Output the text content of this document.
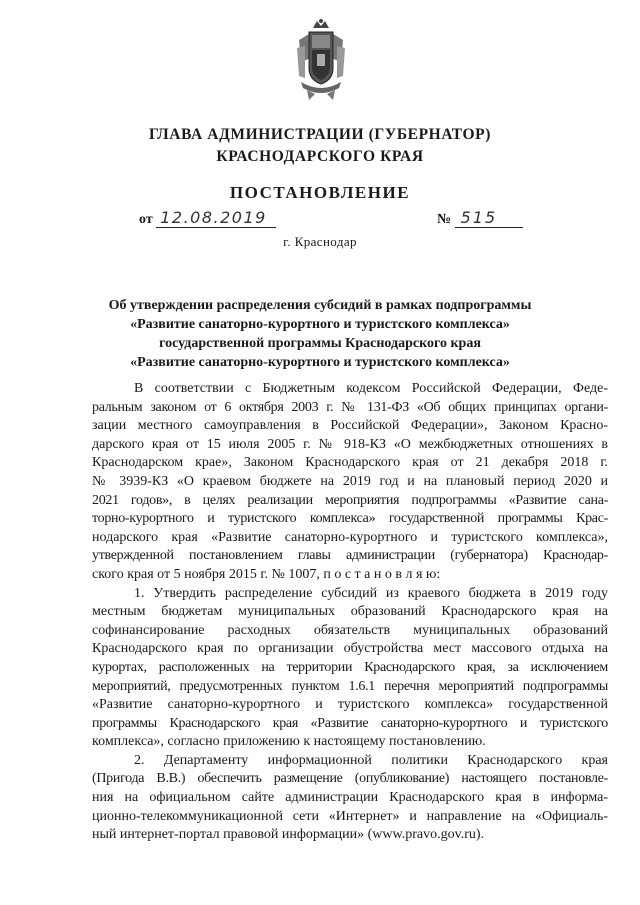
ГЛАВА АДМИНИСТРАЦИИ (ГУБЕРНАТОР)
КРАСНОДАРСКОГО КРАЯ
ПОСТАНОВЛЕНИЕ
от 12.08.2019	№ 515
г. Краснодар
Об утверждении распределения субсидий в рамках подпрограммы
«Развитие санаторно-курортного и туристского комплекса»
государственной программы Краснодарского края
«Развитие санаторно-курортного и туристского комплекса»
В соответствии с Бюджетным кодексом Российской Федерации, Феде-
ральным законом от 6 октября 2003 г. № 131-ФЗ «Об общих принципах органи-
зации местного самоуправления в Российской Федерации», Законом Красно-
дарского края от 15 июля 2005 г. № 918-КЗ «О межбюджетных отношениях в
Краснодарском крае», Законом Краснодарского края от 21 декабря 2018 г.
№ 3939-КЗ «О краевом бюджете на 2019 год и на плановый период 2020 и
2021 годов», в целях реализации мероприятия подпрограммы «Развитие сана-
торно-курортного и туристского комплекса» государственной программы Крас-
нодарского края «Развитие санаторно-курортного и туристского комплекса»,
утвержденной постановлением главы администрации (губернатора) Краснодар-
ского края от 5 ноября 2015 г. № 1007, п о с т а н о в л я ю:
1. Утвердить распределение субсидий из краевого бюджета в 2019 году
местным бюджетам муниципальных образований Краснодарского края на
софинансирование расходных обязательств муниципальных образований
Краснодарского края по организации обустройства мест массового отдыха на
курортах, расположенных на территории Краснодарского края, за исключением
мероприятий, предусмотренных пунктом 1.6.1 перечня мероприятий подпрограммы
«Развитие санаторно-курортного и туристского комплекса» государственной
программы Краснодарского края «Развитие санаторно-курортного и туристского
комплекса», согласно приложению к настоящему постановлению.
2. Департаменту информационной политики Краснодарского края
(Пригода В.В.) обеспечить размещение (опубликование) настоящего постановле-
ния на официальном сайте администрации Краснодарского края в информа-
ционно-телекоммуникационной сети «Интернет» и направление на «Официаль-
ный интернет-портал правовой информации» (www.pravo.gov.ru).
